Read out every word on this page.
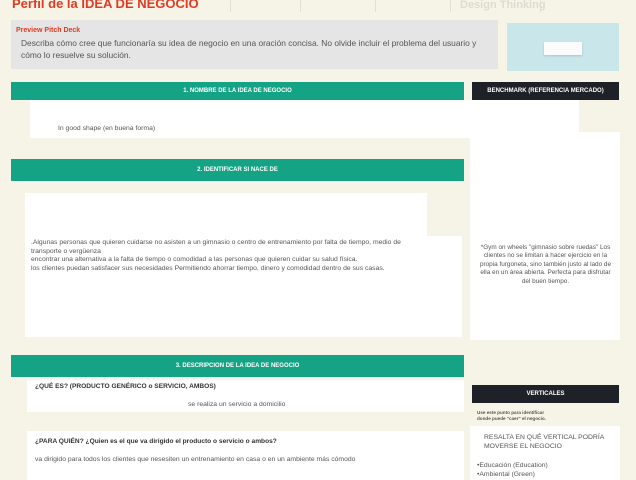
Design Thinking
Perfil de la IDEA DE NEGOCIO
Preview Pitch Deck
Describa cómo cree que funcionaría su idea de negocio en una oración concisa. No olvide incluir el problema del usuario y cómo lo resuelve su solución.
1. NOMBRE DE LA IDEA DE NEGOCIO
In good shape (en buena forma)
BENCHMARK (REFERENCIA MERCADO)
2. IDENTIFICAR SI NACE DE
.Algunas personas que quieren cuidarse no asisten a un gimnasio o centro de entrenamiento por falta de tiempo, medio de transporte o vergüenza
encontrar una alternativa a la falta de tiempo o comodidad a las personas que quieren cuidar su salud física.
los clientes puedan satisfacer sus necesidades Permitiendo ahorrar tiempo, dinero y comodidad dentro de sus casas.
*Gym on wheels "gimnasio sobre ruedas" Los clientes no se limitan a hacer ejercicio en la propia furgoneta, sino también justo al lado de ella en un área abierta. Perfecta para disfrutar del buen tiempo.
3. DESCRIPCION DE LA IDEA DE NEGOCIO
¿QUÉ ES? (PRODUCTO GENÉRICO o SERVICIO, AMBOS)
se realiza un servicio a domicilio
¿PARA QUIÉN? ¿Quien es el que va dirigido el producto o servicio o ambos?
va dirigido para todos los clientes que nesesiten un entrenamiento en casa o en un ambiente más cómodo
VERTICALES
Use este punto para identificar
donde puede "caer" el negocio.
RESALTA EN QUÉ VERTICAL PODRÍA MOVERSE EL NEGOCIO
•Educación (Education)
•Ambiental (Green)
